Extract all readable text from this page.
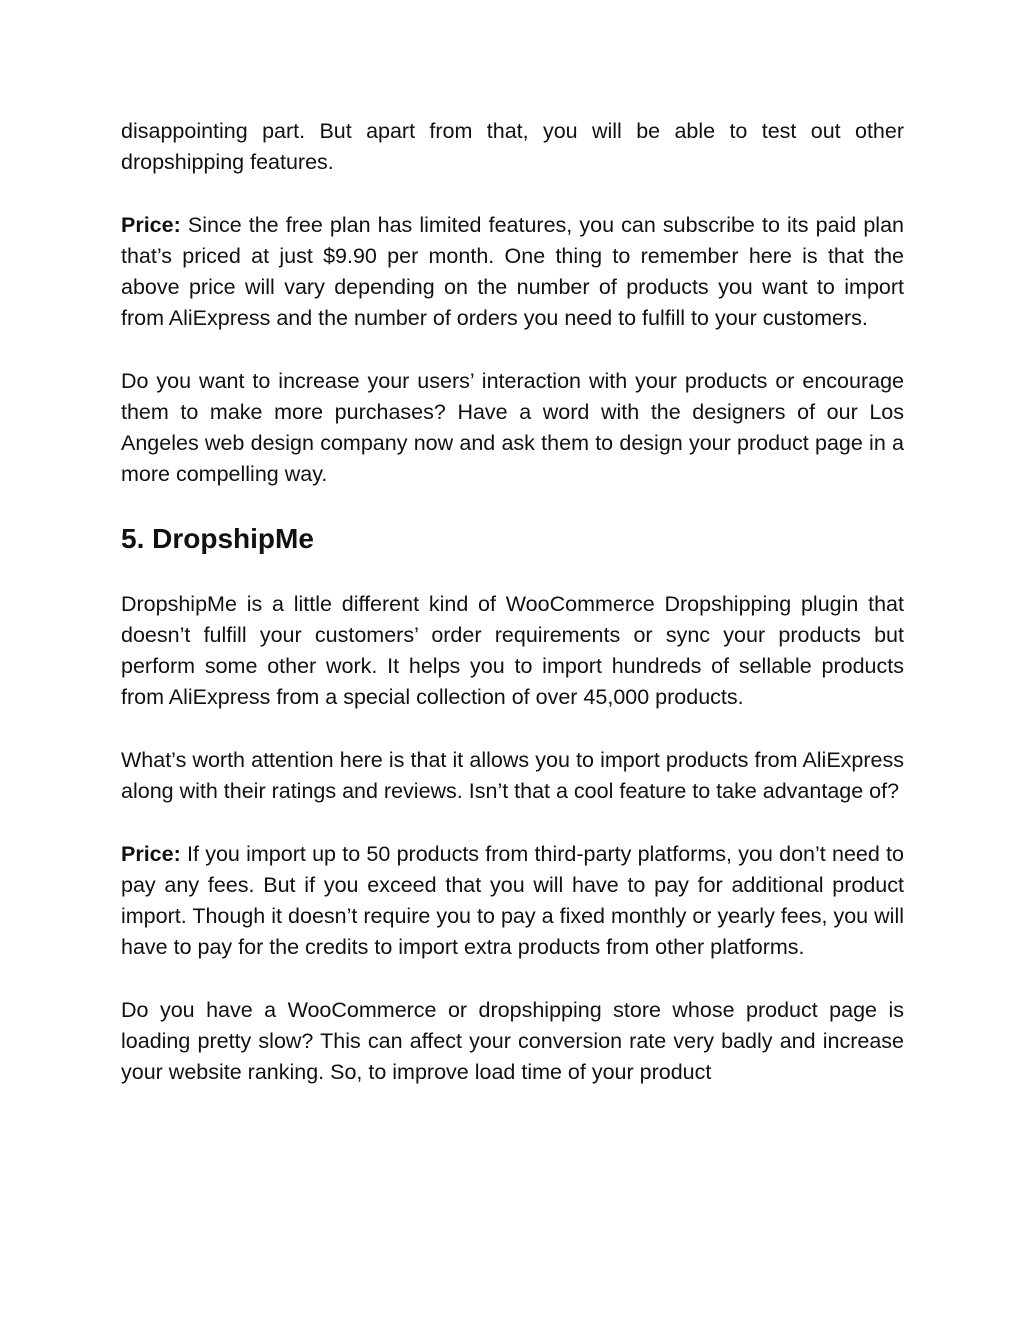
disappointing part. But apart from that, you will be able to test out other dropshipping features.

Price: Since the free plan has limited features, you can subscribe to its paid plan that’s priced at just $9.90 per month. One thing to remember here is that the above price will vary depending on the number of products you want to import from AliExpress and the number of orders you need to fulfill to your customers.

Do you want to increase your users’ interaction with your products or encourage them to make more purchases? Have a word with the designers of our Los Angeles web design company now and ask them to design your product page in a more compelling way.

5. DropshipMe

DropshipMe is a little different kind of WooCommerce Dropshipping plugin that doesn’t fulfill your customers’ order requirements or sync your products but perform some other work. It helps you to import hundreds of sellable products from AliExpress from a special collection of over 45,000 products.

What’s worth attention here is that it allows you to import products from AliExpress along with their ratings and reviews. Isn’t that a cool feature to take advantage of?

Price: If you import up to 50 products from third-party platforms, you don’t need to pay any fees. But if you exceed that you will have to pay for additional product import. Though it doesn’t require you to pay a fixed monthly or yearly fees, you will have to pay for the credits to import extra products from other platforms.

Do you have a WooCommerce or dropshipping store whose product page is loading pretty slow? This can affect your conversion rate very badly and increase your website ranking. So, to improve load time of your product
